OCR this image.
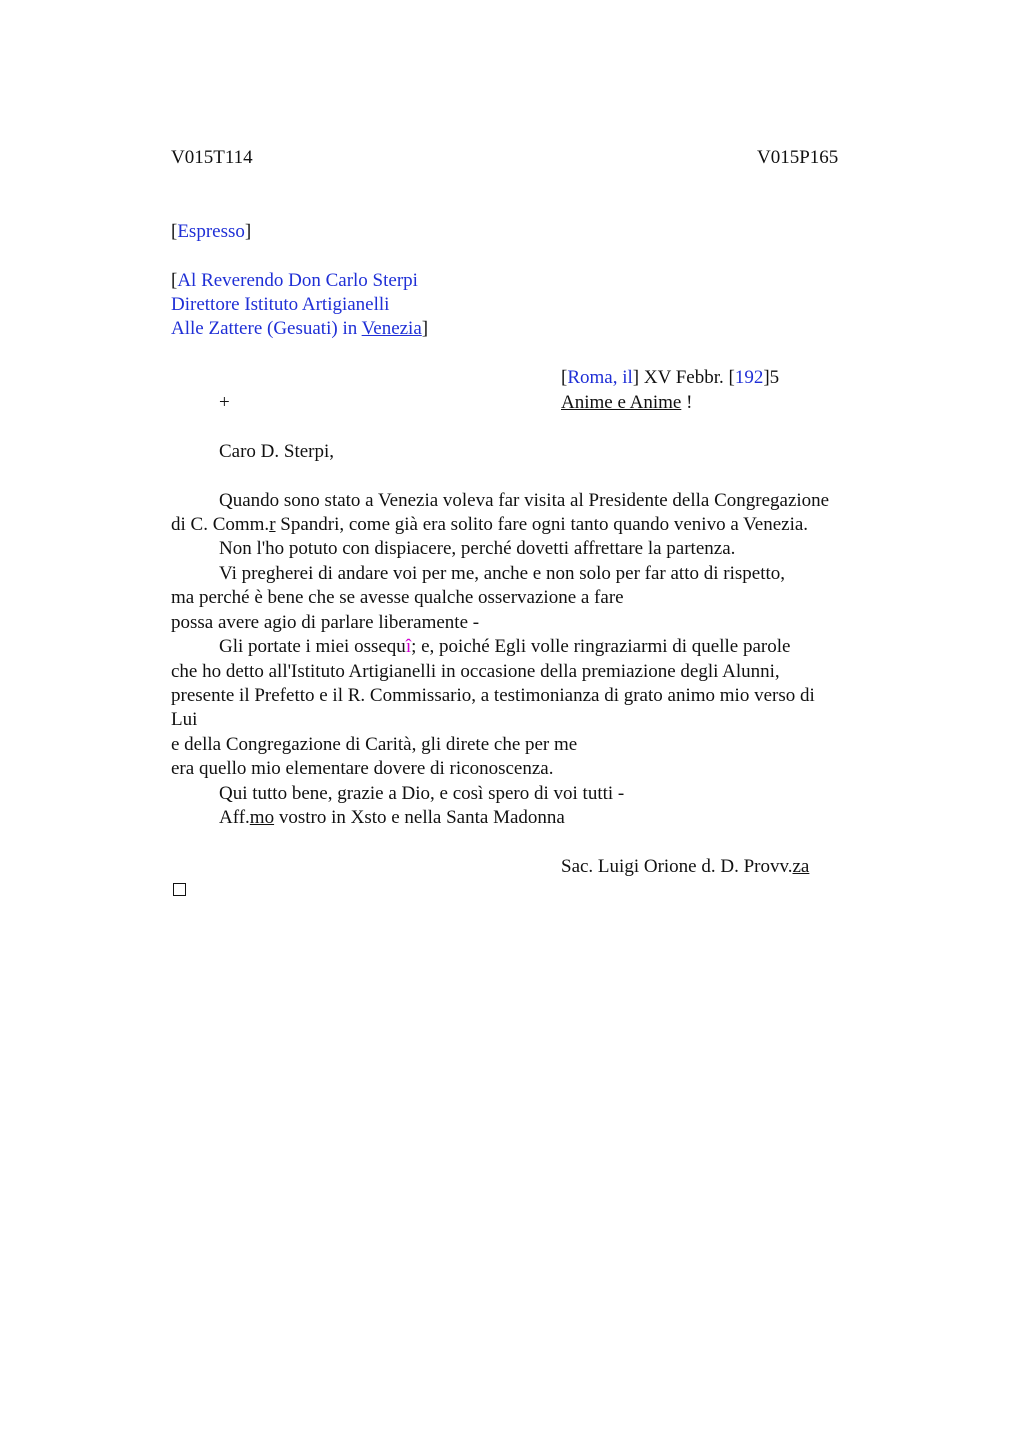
V015T114	V015P165
[Espresso]
[Al Reverendo Don Carlo Sterpi
Direttore Istituto Artigianelli
Alle Zattere (Gesuati) in Venezia]
[Roma, il] XV Febbr. [192]5
+	Anime e Anime !
Caro D. Sterpi,
Quando sono stato a Venezia voleva far visita al Presidente della Congregazione
di C. Comm.r Spandri, come già era solito fare ogni tanto quando venivo a Venezia.
Non l'ho potuto con dispiacere, perché dovetti affrettare la partenza.
Vi pregherei di andare voi per me, anche e non solo per far atto di rispetto,
ma perché è bene che se avesse qualche osservazione a fare
possa avere agio di parlare liberamente -
Gli portate i miei ossequî; e, poiché Egli volle ringraziarmi di quelle parole
che ho detto all'Istituto Artigianelli in occasione della premiazione degli Alunni,
presente il Prefetto e il R. Commissario, a testimonianza di grato animo mio verso di
Lui
e della Congregazione di Carità, gli direte che per me
era quello mio elementare dovere di riconoscenza.
Qui tutto bene, grazie a Dio, e così spero di voi tutti -
Aff.mo vostro in Xsto e nella Santa Madonna
Sac. Luigi Orione d. D. Provv.za
